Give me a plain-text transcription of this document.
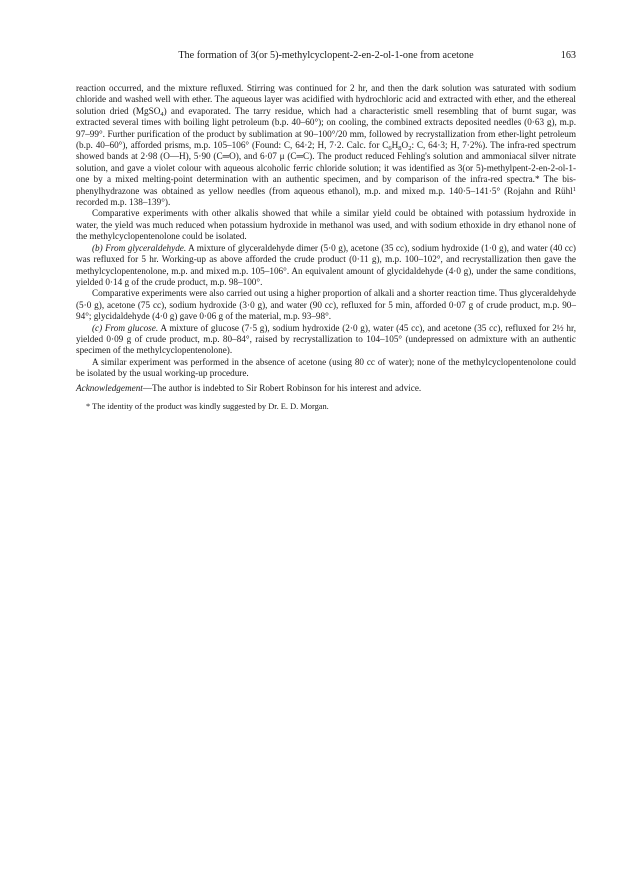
The formation of 3(or 5)-methylcyclopent-2-en-2-ol-1-one from acetone	163

reaction occurred, and the mixture refluxed. Stirring was continued for 2 hr, and then the dark solution was saturated with sodium chloride and washed well with ether. The aqueous layer was acidified with hydrochloric acid and extracted with ether, and the ethereal solution dried (MgSO$_4$) and evaporated. The tarry residue, which had a characteristic smell resembling that of burnt sugar, was extracted several times with boiling light petroleum (b.p. 40–60°); on cooling, the combined extracts deposited needles (0·63 g), m.p. 97–99°. Further purification of the product by sublimation at 90–100°/20 mm, followed by recrystallization from ether-light petroleum (b.p. 40–60°), afforded prisms, m.p. 105–106° (Found: C, 64·2; H, 7·2. Calc. for $C_6H_8O_2$: C, 64·3; H, 7·2%). The infra-red spectrum showed bands at 2·98 (O—H), 5·90 (C═O), and 6·07 μ (C═C). The product reduced Fehling's solution and ammoniacal silver nitrate solution, and gave a violet colour with aqueous alcoholic ferric chloride solution; it was identified as 3(or 5)-methylpent-2-en-2-ol-1-one by a mixed melting-point determination with an authentic specimen, and by comparison of the infra-red spectra.* The bis-phenylhydrazone was obtained as yellow needles (from aqueous ethanol), m.p. and mixed m.p. 140·5–141·5° (Rojahn and Rühl$^1$ recorded m.p. 138–139°).

Comparative experiments with other alkalis showed that while a similar yield could be obtained with potassium hydroxide in water, the yield was much reduced when potassium hydroxide in methanol was used, and with sodium ethoxide in dry ethanol none of the methylcyclopentenolone could be isolated.

(b) From glyceraldehyde. A mixture of glyceraldehyde dimer (5·0 g), acetone (35 cc), sodium hydroxide (1·0 g), and water (40 cc) was refluxed for 5 hr. Working-up as above afforded the crude product (0·11 g), m.p. 100–102°, and recrystallization then gave the methylcyclopentenolone, m.p. and mixed m.p. 105–106°. An equivalent amount of glycidaldehyde (4·0 g), under the same conditions, yielded 0·14 g of the crude product, m.p. 98–100°.

Comparative experiments were also carried out using a higher proportion of alkali and a shorter reaction time. Thus glyceraldehyde (5·0 g), acetone (75 cc), sodium hydroxide (3·0 g), and water (90 cc), refluxed for 5 min, afforded 0·07 g of crude product, m.p. 90–94°; glycidaldehyde (4·0 g) gave 0·06 g of the material, m.p. 93–98°.

(c) From glucose. A mixture of glucose (7·5 g), sodium hydroxide (2·0 g), water (45 cc), and acetone (35 cc), refluxed for 2½ hr, yielded 0·09 g of crude product, m.p. 80–84°, raised by recrystallization to 104–105° (undepressed on admixture with an authentic specimen of the methylcyclopentenolone).

A similar experiment was performed in the absence of acetone (using 80 cc of water); none of the methylcyclopentenolone could be isolated by the usual working-up procedure.

Acknowledgement—The author is indebted to Sir Robert Robinson for his interest and advice.

* The identity of the product was kindly suggested by Dr. E. D. Morgan.
